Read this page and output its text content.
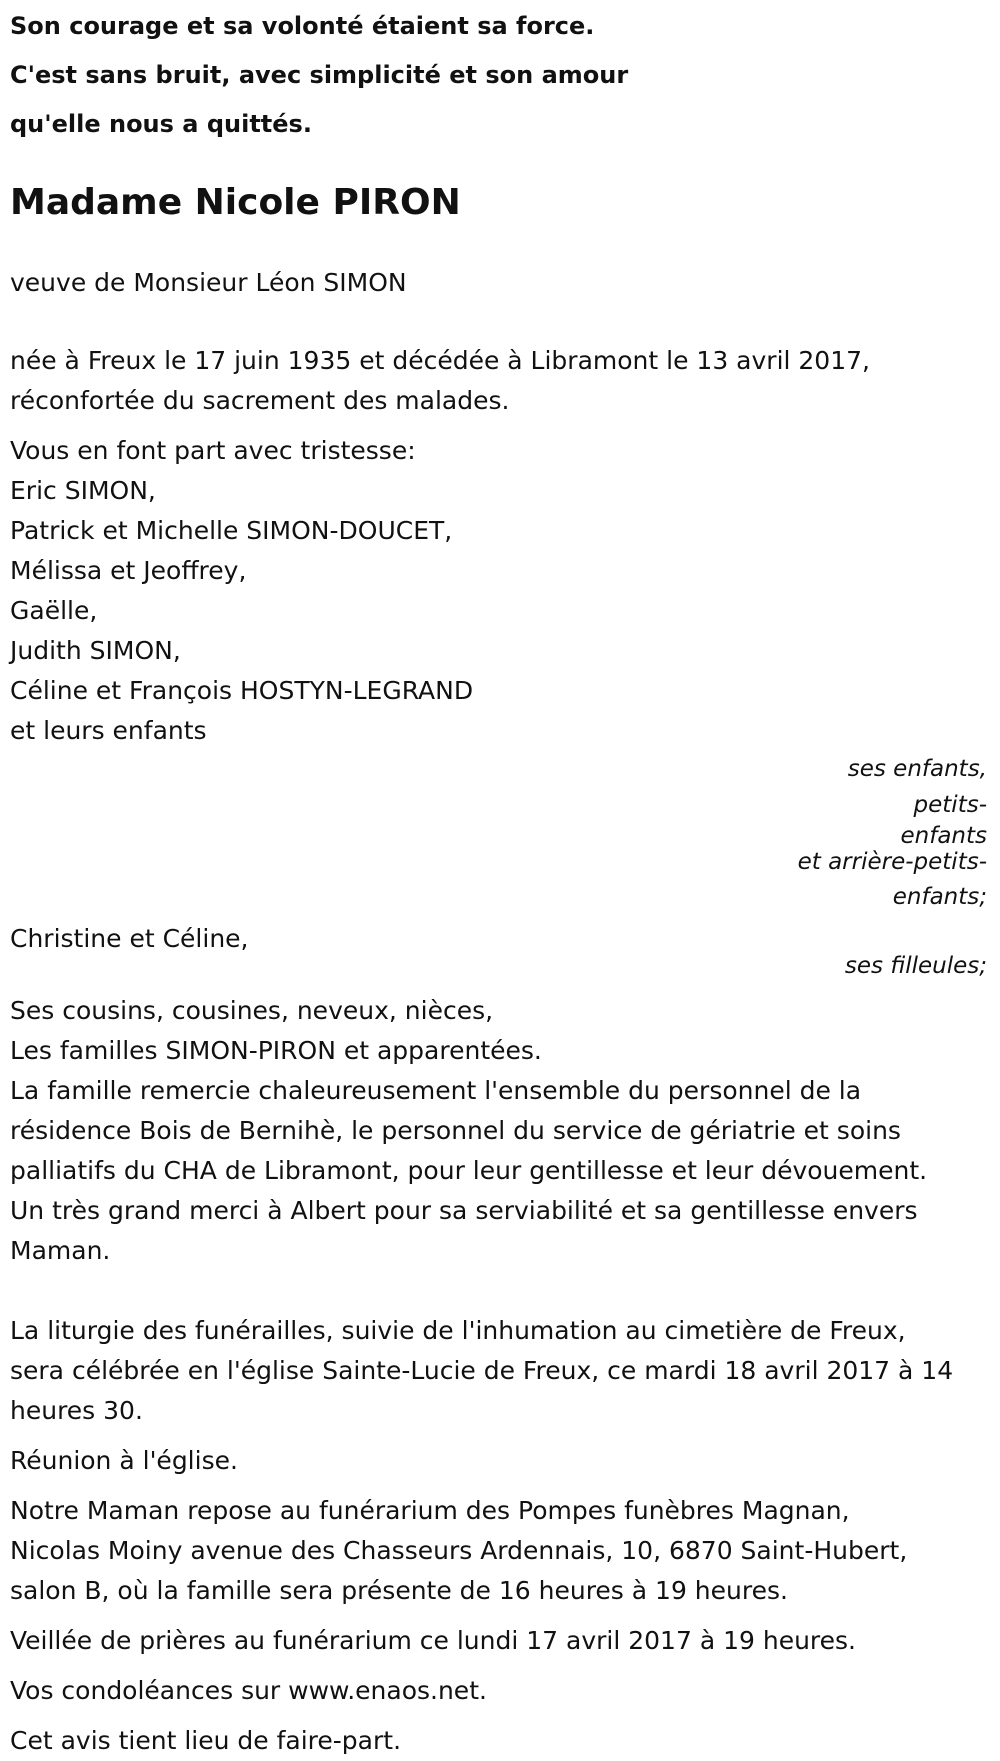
Son courage et sa volonté étaient sa force.
C'est sans bruit, avec simplicité et son amour
qu'elle nous a quittés.
Madame Nicole PIRON
veuve de Monsieur Léon SIMON
née à Freux le 17 juin 1935 et décédée à Libramont le 13 avril 2017,
réconfortée du sacrement des malades.
Vous en font part avec tristesse:
Eric SIMON,
Patrick et Michelle SIMON-DOUCET,
Mélissa et Jeoffrey,
Gaëlle,
Judith SIMON,
Céline et François HOSTYN-LEGRAND
et leurs enfants
ses enfants, petits-
enfants
et arrière-petits-
enfants;
Christine et Céline,
ses filleules;
Ses cousins, cousines, neveux, nièces,
Les familles SIMON-PIRON et apparentées.
La famille remercie chaleureusement l'ensemble du personnel de la
résidence Bois de Bernihè, le personnel du service de gériatrie et soins
palliatifs du CHA de Libramont, pour leur gentillesse et leur dévouement.
Un très grand merci à Albert pour sa serviabilité et sa gentillesse envers
Maman.
La liturgie des funérailles, suivie de l'inhumation au cimetière de Freux,
sera célébrée en l'église Sainte-Lucie de Freux, ce mardi 18 avril 2017 à 14
heures 30.
Réunion à l'église.
Notre Maman repose au funérarium des Pompes funèbres Magnan,
Nicolas Moiny avenue des Chasseurs Ardennais, 10, 6870 Saint-Hubert,
salon B, où la famille sera présente de 16 heures à 19 heures.
Veillée de prières au funérarium ce lundi 17 avril 2017 à 19 heures.
Vos condoléances sur www.enaos.net.
Cet avis tient lieu de faire-part.
